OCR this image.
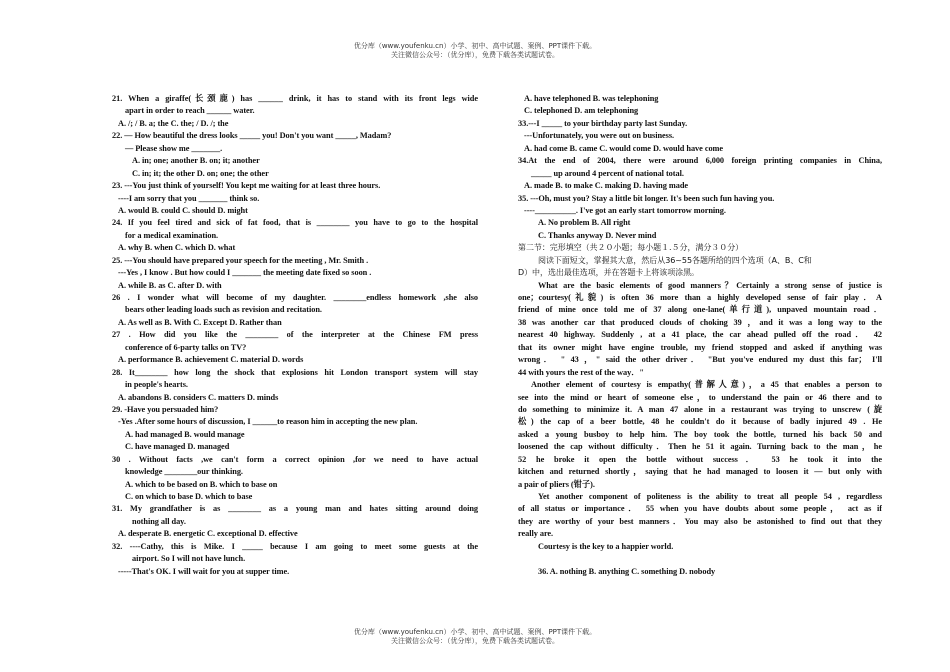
优分库（www.youfenku.cn）小学、初中、高中试题、案例、PPT课件下载。
关注微信公众号：（优分库），免费下载各类试题试卷。
21. When a giraffe(长颈鹿) has ______ drink, it has to stand with its front legs wide
apart in order to reach ______ water.
A. /; / B. a; the C. the; / D. /; the
22. — How beautiful the dress looks _____ you! Don't you want _____, Madam?
— Please show me _______.
A. in; one; another B. on; it; another
C. in; it; the other D. on; one; the other
23. ---You just think of yourself! You kept me waiting for at least three hours.
----I am sorry that you _______ think so.
A. would B. could C. should D. might
24. If you feel tired and sick of fat food, that is ________ you have to go to the hospital
for a medical examination.
A. why B. when C. which D. what
25. ---You should have prepared your speech for the meeting , Mr. Smith .
---Yes , I know . But how could I _______ the meeting date fixed so soon .
A. while B. as C. after D. with
26 . I wonder what will become of my daughter. ________endless homework ,she also
bears other leading loads such as revision and recitation.
A. As well as B. With C. Except D. Rather than
27 . How did you like the ________ of the interpreter at the Chinese FM press
conference of 6-party talks on TV?
A. performance B. achievement C. material D. words
28. It________ how long the shock that explosions hit London transport system will stay
in people's hearts.
A. abandons B. considers C. matters D. minds
29. -Have you persuaded him?
-Yes .After some hours of discussion, I ______to reason him in accepting the new plan.
A. had managed B. would manage
C. have managed D. managed
30 . Without facts ,we can't form a correct opinion ,for we need to have actual
knowledge ________our thinking.
A. which to be based on B. which to base on
C. on which to base D. which to base
31. My grandfather is as ________ as a young man and hates sitting around doing
nothing all day.
A. desperate B. energetic C. exceptional D. effective
32. ----Cathy, this is Mike. I _____ because I am going to meet some guests at the
airport. So I will not have lunch.
-----That's OK. I will wait for you at supper time.
A. have telephoned B. was telephoning
C. telephoned D. am telephoning
33.---I _____ to your birthday party last Sunday.
---Unfortunately, you were out on business.
A. had come B. came C. would come D. would have come
34.At the end of 2004, there were around 6,000 foreign printing companies in China,
_____ up around 4 percent of national total.
A. made B. to make C. making D. having made
35. ---Oh, must you? Stay a little bit longer. It's been such fun having you.
----__________. I've got an early start tomorrow morning.
A. No problem B. All right
C. Thanks anyway D. Never mind
第二节：完形填空（共２０小题；每小题１.５分，满分３０分）
阅读下面短文，掌握其大意，然后从36~55各题所给的四个选项（A、B、C和
D）中，选出最佳选项，并在答题卡上将该项涂黑。
What are the basic elements of good manners？Certainly a strong sense of justice is
one；courtesy(礼貌) is often 36 more than a highly developed sense of fair play．A
friend of mine once told me of 37 along one-lane(单行道), unpaved mountain road．
38 was another car that produced clouds of choking 39 ，and it was a long way to the
nearest 40 highway. Suddenly , at a 41 place, the car ahead pulled off the road． 42
that its owner might have engine trouble, my friend stopped and asked if anything was
wrong． " 43 ，" said the other driver． "But you've endured my dust this far； I'll
44 with yours the rest of the way．"
Another element of courtesy is empathy(普解人意)，a 45 that enables a person to
see into the mind or heart of someone else，to understand the pain or 46 there and to
do something to minimize it. A man 47 alone in a restaurant was trying to unscrew (旋
松) the cap of a beer bottle, 48 he couldn't do it because of badly injured 49 . He
asked a young busboy to help him. The boy took the bottle, turned his back 50 and
loosened the cap without difficulty．Then he 51 it again. Turning back to the man，he
52 he broke it open the bottle without success． 53 he took it into the
kitchen and returned shortly，saying that he had managed to loosen it — but only with
a pair of pliers (钳子).
Yet another component of politeness is the ability to treat all people 54 , regardless
of all status or importance． 55 when you have doubts about some people， act as if
they are worthy of your best manners．You may also be astonished to find out that they
really are.
Courtesy is the key to a happier world.
36. A. nothing B. anything C. something D. nobody
优分库（www.youfenku.cn）小学、初中、高中试题、案例、PPT课件下载。
关注微信公众号：（优分库），免费下载各类试题试卷。
